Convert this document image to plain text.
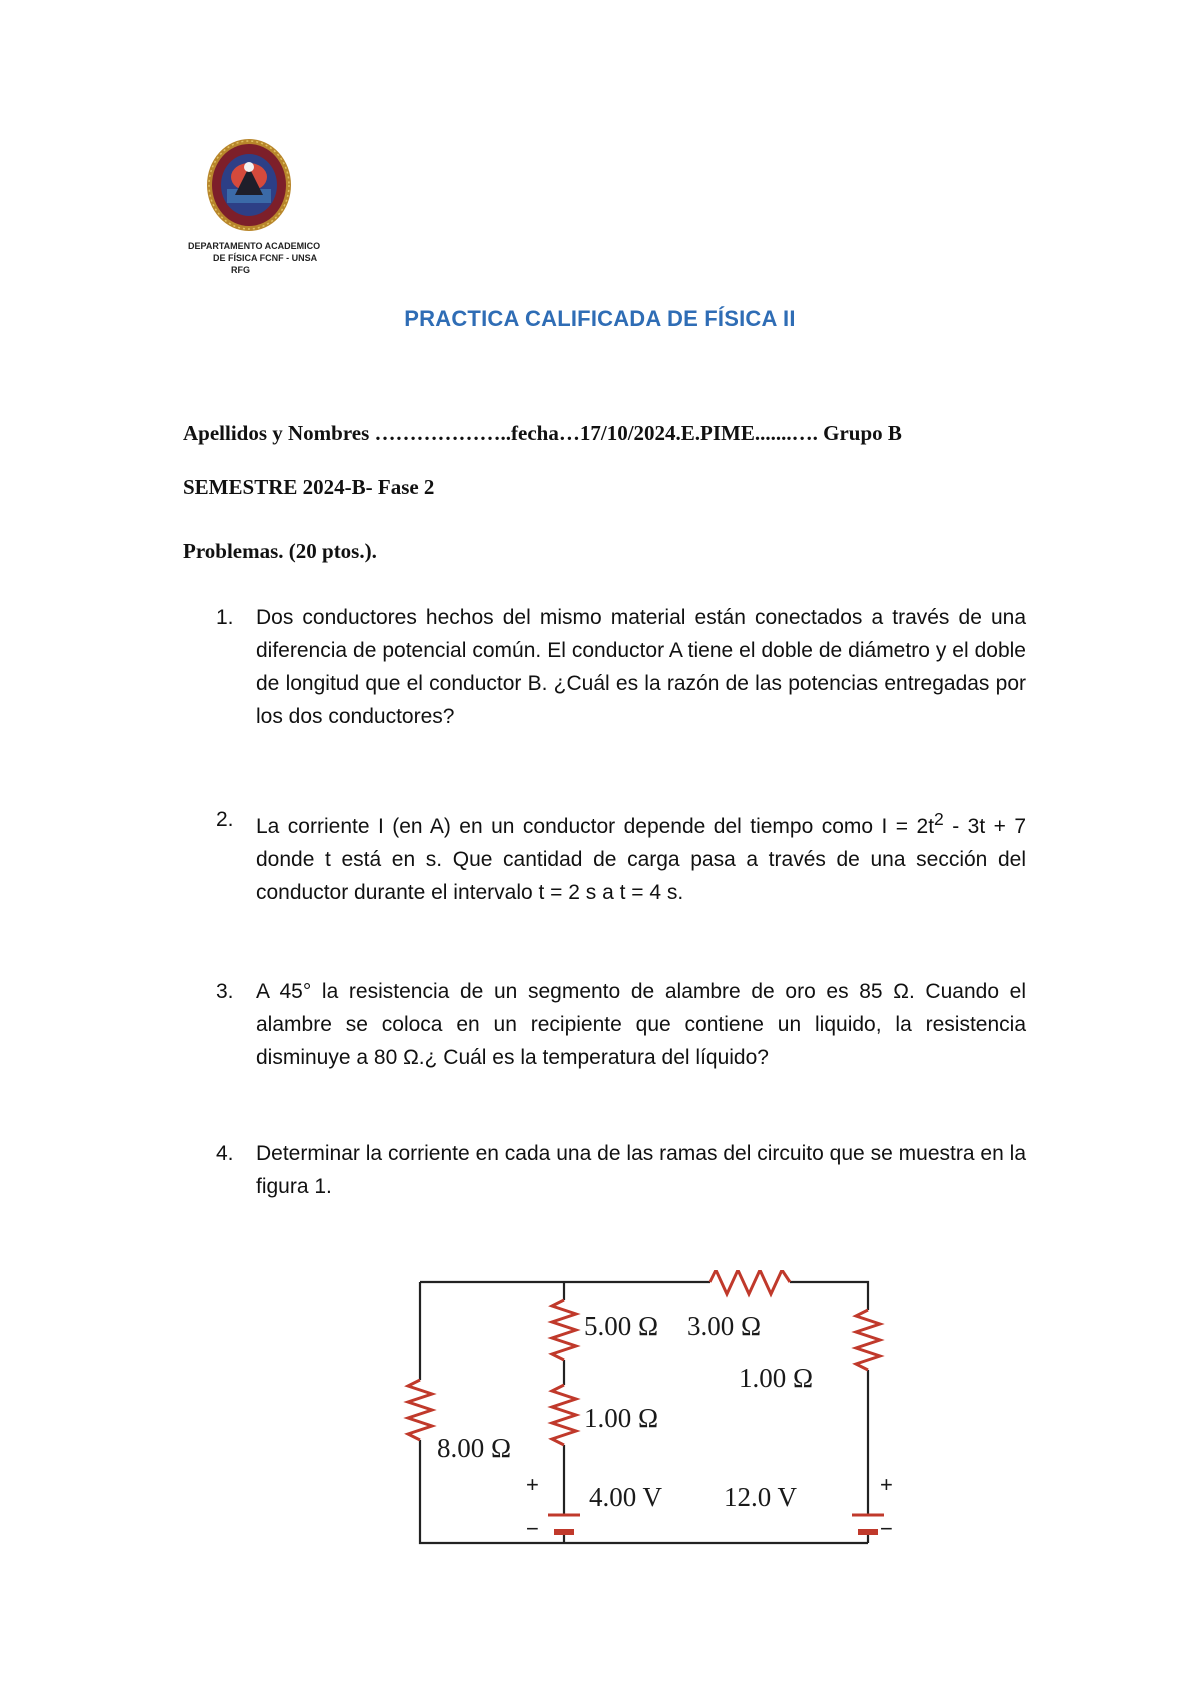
DEPARTAMENTO ACADEMICO
DE FÍSICA FCNF - UNSA
RFG
PRACTICA CALIFICADA DE FÍSICA II
Apellidos y Nombres ………………..fecha…17/10/2024.E.PIME.......…. Grupo B
SEMESTRE 2024-B- Fase 2
Problemas. (20 ptos.).
1.	Dos conductores hechos del mismo material están conectados a través de una diferencia de potencial común. El conductor A tiene el doble de diámetro y el doble de longitud que el conductor B. ¿Cuál es la razón de las potencias entregadas por los dos conductores?
2.	La corriente I (en A) en un conductor depende del tiempo como $I = 2t^2 - 3t + 7$ donde t está en s. Que cantidad de carga pasa a través de una sección del conductor durante el intervalo t = 2 s a t = 4 s.
3.	A 45° la resistencia de un segmento de alambre de oro es 85 Ω. Cuando el alambre se coloca en un recipiente que contiene un liquido, la resistencia disminuye a 80 Ω.¿ Cuál es la temperatura del líquido?
4.	Determinar la corriente en cada una de las ramas del circuito que se muestra en la figura 1.
5.00 Ω 3.00 Ω
1.00 Ω
1.00 Ω
8.00 Ω
4.00 V 12.0 V
+
−
+
−
